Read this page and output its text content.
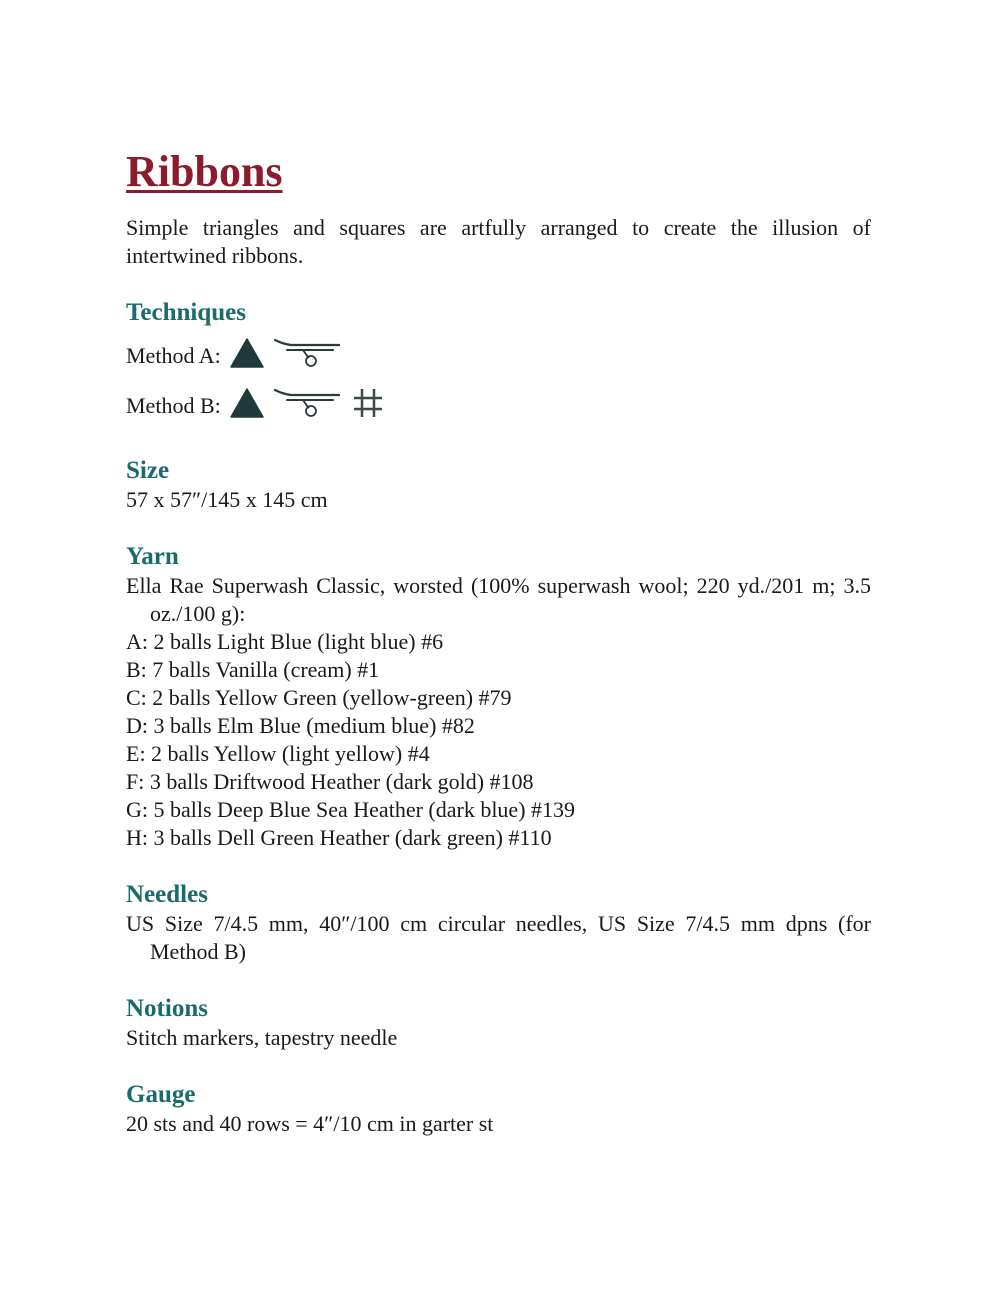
Ribbons
Simple triangles and squares are artfully arranged to create the illusion of intertwined ribbons.
Techniques
Method A:
Method B:
Size
57 x 57″/145 x 145 cm
Yarn
Ella Rae Superwash Classic, worsted (100% superwash wool; 220 yd./201 m; 3.5 oz./100 g):
A: 2 balls Light Blue (light blue) #6
B: 7 balls Vanilla (cream) #1
C: 2 balls Yellow Green (yellow-green) #79
D: 3 balls Elm Blue (medium blue) #82
E: 2 balls Yellow (light yellow) #4
F: 3 balls Driftwood Heather (dark gold) #108
G: 5 balls Deep Blue Sea Heather (dark blue) #139
H: 3 balls Dell Green Heather (dark green) #110
Needles
US Size 7/4.5 mm, 40″/100 cm circular needles, US Size 7/4.5 mm dpns (for Method B)
Notions
Stitch markers, tapestry needle
Gauge
20 sts and 40 rows = 4″/10 cm in garter st
